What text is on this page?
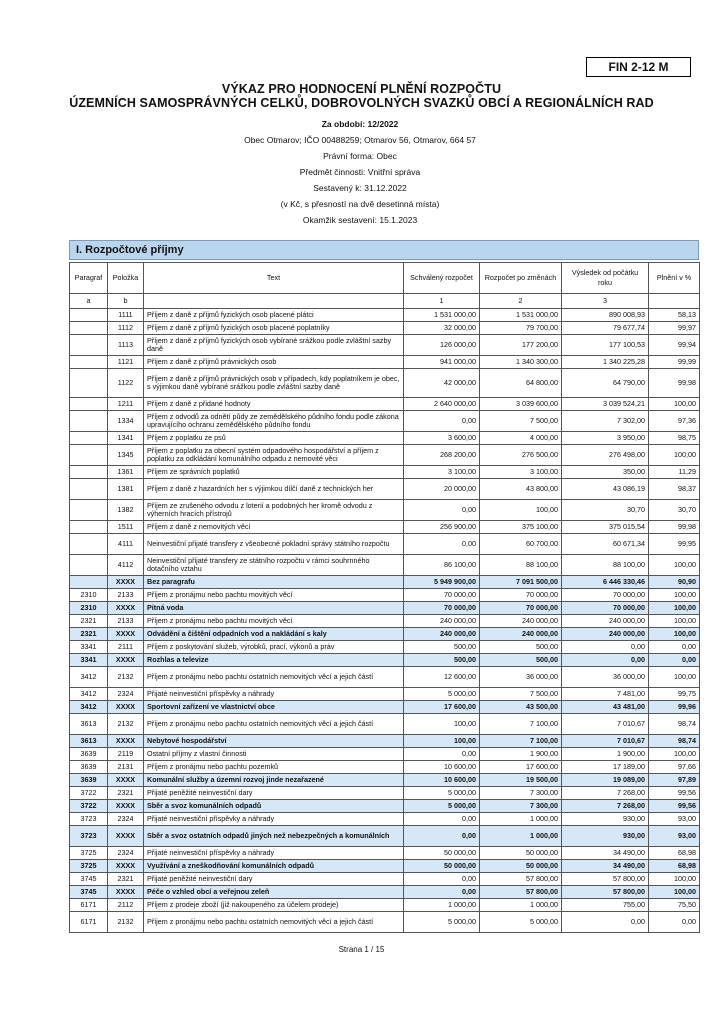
FIN 2-12 M
VÝKAZ PRO HODNOCENÍ PLNĚNÍ ROZPOČTU
ÚZEMNÍCH SAMOSPRÁVNÝCH CELKŮ, DOBROVOLNÝCH SVAZKŮ OBCÍ A REGIONÁLNÍCH RAD
Za období: 12/2022
Obec Otmarov; IČO 00488259; Otmarov 56, Otmarov, 664 57
Právní forma: Obec
Předmět činnosti: Vnitřní správa
Sestavený k: 31.12.2022
(v Kč, s přesností na dvě desetinná místa)
Okamžik sestavení: 15.1.2023
I. Rozpočtové příjmy
Paragraf	Položka	Text	Schválený rozpočet	Rozpočet po změnách	Výsledek od počátku roku	Plnění v %
a	b		1	2	3	
	1111	Příjem z daně z příjmů fyzických osob placené plátci	1 531 000,00	1 531 000,00	890 008,93	58,13
	1112	Příjem z daně z příjmů fyzických osob placené poplatníky	32 000,00	79 700,00	79 677,74	99,97
	1113	Příjem z daně z příjmů fyzických osob vybírané srážkou podle zvláštní sazby daně	126 000,00	177 200,00	177 100,53	99,94
	1121	Příjem z daně z příjmů právnických osob	941 000,00	1 340 300,00	1 340 225,28	99,99
	1122	Příjem z daně z příjmů právnických osob v případech, kdy poplatníkem je obec, s výjimkou daně vybírané srážkou podle zvláštní sazby daně	42 000,00	64 800,00	64 790,00	99,98
	1211	Příjem z daně z přidané hodnoty	2 640 000,00	3 039 600,00	3 039 524,21	100,00
	1334	Příjem z odvodů za odnětí půdy ze zemědělského půdního fondu podle zákona upravujícího ochranu zemědělského půdního fondu	0,00	7 500,00	7 302,00	97,36
	1341	Příjem z poplatku ze psů	3 600,00	4 000,00	3 950,00	98,75
	1345	Příjem z poplatku za obecní systém odpadového hospodářství a příjem z poplatku za odkládání komunálního odpadu z nemovité věci	268 200,00	276 500,00	276 498,00	100,00
	1361	Příjem ze správních poplatků	3 100,00	3 100,00	350,00	11,29
	1381	Příjem z daně z hazardních her s výjimkou dílčí daně z technických her	20 000,00	43 800,00	43 086,19	98,37
	1382	Příjem ze zrušeného odvodu z loterií a podobných her kromě odvodu z výherních hracích přístrojů	0,00	100,00	30,70	30,70
	1511	Příjem z daně z nemovitých věcí	256 900,00	375 100,00	375 015,54	99,98
	4111	Neinvestiční přijaté transfery z všeobecné pokladní správy státního rozpočtu	0,00	60 700,00	60 671,34	99,95
	4112	Neinvestiční přijaté transfery ze státního rozpočtu v rámci souhrnného dotačního vztahu	86 100,00	88 100,00	88 100,00	100,00
	XXXX	Bez paragrafu	5 949 900,00	7 091 500,00	6 446 330,46	90,90
2310	2133	Příjem z pronájmu nebo pachtu movitých věcí	70 000,00	70 000,00	70 000,00	100,00
2310	XXXX	Pitná voda	70 000,00	70 000,00	70 000,00	100,00
2321	2133	Příjem z pronájmu nebo pachtu movitých věcí	240 000,00	240 000,00	240 000,00	100,00
2321	XXXX	Odvádění a čištění odpadních vod a nakládání s kaly	240 000,00	240 000,00	240 000,00	100,00
3341	2111	Příjem z poskytování služeb, výrobků, prací, výkonů a práv	500,00	500,00	0,00	0,00
3341	XXXX	Rozhlas a televize	500,00	500,00	0,00	0,00
3412	2132	Příjem z pronájmu nebo pachtu ostatních nemovitých věcí a jejich částí	12 600,00	36 000,00	36 000,00	100,00
3412	2324	Přijaté neinvestiční příspěvky a náhrady	5 000,00	7 500,00	7 481,00	99,75
3412	XXXX	Sportovní zařízení ve vlastnictví obce	17 600,00	43 500,00	43 481,00	99,96
3613	2132	Příjem z pronájmu nebo pachtu ostatních nemovitých věcí a jejich částí	100,00	7 100,00	7 010,67	98,74
3613	XXXX	Nebytové hospodářství	100,00	7 100,00	7 010,67	98,74
3639	2119	Ostatní příjmy z vlastní činnosti	0,00	1 900,00	1 900,00	100,00
3639	2131	Příjem z pronájmu nebo pachtu pozemků	10 600,00	17 600,00	17 189,00	97,66
3639	XXXX	Komunální služby a územní rozvoj jinde nezařazené	10 600,00	19 500,00	19 089,00	97,89
3722	2321	Přijaté peněžité neinvestiční dary	5 000,00	7 300,00	7 268,00	99,56
3722	XXXX	Sběr a svoz komunálních odpadů	5 000,00	7 300,00	7 268,00	99,56
3723	2324	Přijaté neinvestiční příspěvky a náhrady	0,00	1 000,00	930,00	93,00
3723	XXXX	Sběr a svoz ostatních odpadů jiných než nebezpečných a komunálních	0,00	1 000,00	930,00	93,00
3725	2324	Přijaté neinvestiční příspěvky a náhrady	50 000,00	50 000,00	34 490,00	68,98
3725	XXXX	Využívání a zneškodňování komunálních odpadů	50 000,00	50 000,00	34 490,00	68,98
3745	2321	Přijaté peněžité neinvestiční dary	0,00	57 800,00	57 800,00	100,00
3745	XXXX	Péče o vzhled obcí a veřejnou zeleň	0,00	57 800,00	57 800,00	100,00
6171	2112	Příjem z prodeje zboží (již nakoupeného za účelem prodeje)	1 000,00	1 000,00	755,00	75,50
6171	2132	Příjem z pronájmu nebo pachtu ostatních nemovitých věcí a jejich částí	5 000,00	5 000,00	0,00	0,00
Strana 1 / 15
